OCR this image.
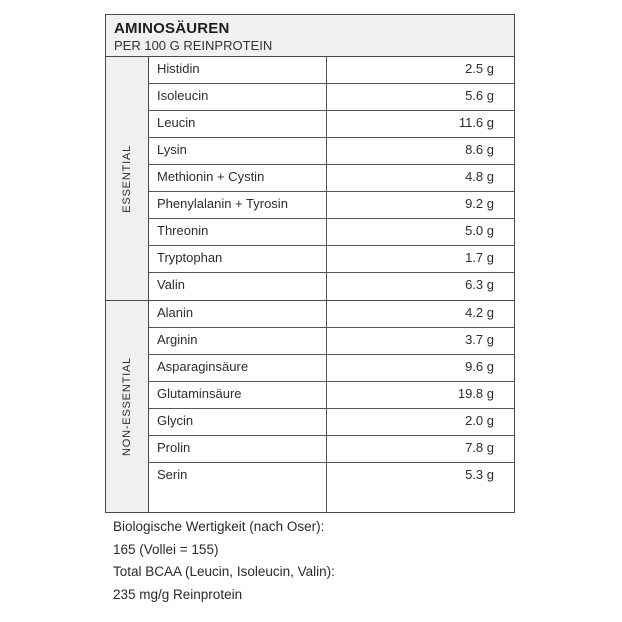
AMINOSÄUREN
PER 100 G REINPROTEIN
ESSENTIAL
Histidin	2.5 g
Isoleucin	5.6 g
Leucin	11.6 g
Lysin	8.6 g
Methionin + Cystin	4.8 g
Phenylalanin + Tyrosin	9.2 g
Threonin	5.0 g
Tryptophan	1.7 g
Valin	6.3 g
NON-ESSENTIAL
Alanin	4.2 g
Arginin	3.7 g
Asparaginsäure	9.6 g
Glutaminsäure	19.8 g
Glycin	2.0 g
Prolin	7.8 g
Serin	5.3 g
Biologische Wertigkeit (nach Oser):
165 (Vollei = 155)
Total BCAA (Leucin, Isoleucin, Valin):
235 mg/g Reinprotein
